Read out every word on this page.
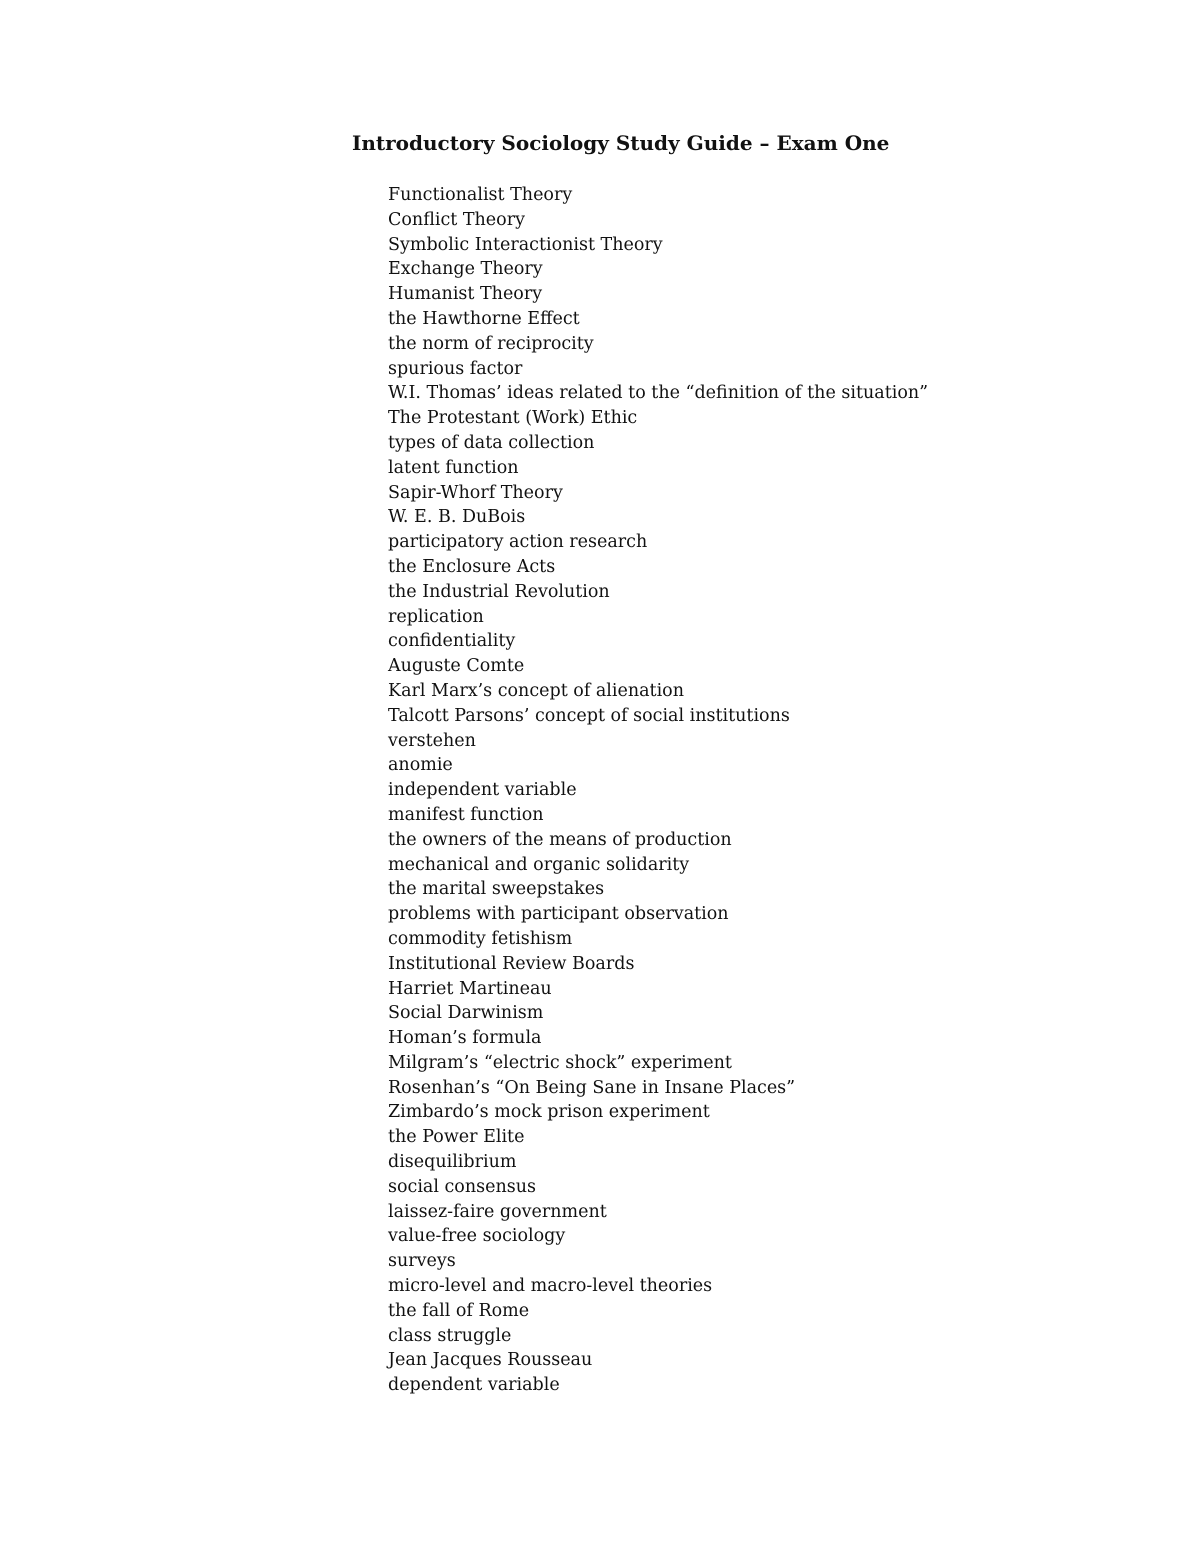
Introductory Sociology Study Guide – Exam One
Functionalist Theory
Conflict Theory
Symbolic Interactionist Theory
Exchange Theory
Humanist Theory
the Hawthorne Effect
the norm of reciprocity
spurious factor
W.I. Thomas’ ideas related to the “definition of the situation”
The Protestant (Work) Ethic
types of data collection
latent function
Sapir-Whorf Theory
W. E. B. DuBois
participatory action research
the Enclosure Acts
the Industrial Revolution
replication
confidentiality
Auguste Comte
Karl Marx’s concept of alienation
Talcott Parsons’ concept of social institutions
verstehen
anomie
independent variable
manifest function
the owners of the means of production
mechanical and organic solidarity
the marital sweepstakes
problems with participant observation
commodity fetishism
Institutional Review Boards
Harriet Martineau
Social Darwinism
Homan’s formula
Milgram’s “electric shock” experiment
Rosenhan’s “On Being Sane in Insane Places”
Zimbardo’s mock prison experiment
the Power Elite
disequilibrium
social consensus
laissez-faire government
value-free sociology
surveys
micro-level and macro-level theories
the fall of Rome
class struggle
Jean Jacques Rousseau
dependent variable
